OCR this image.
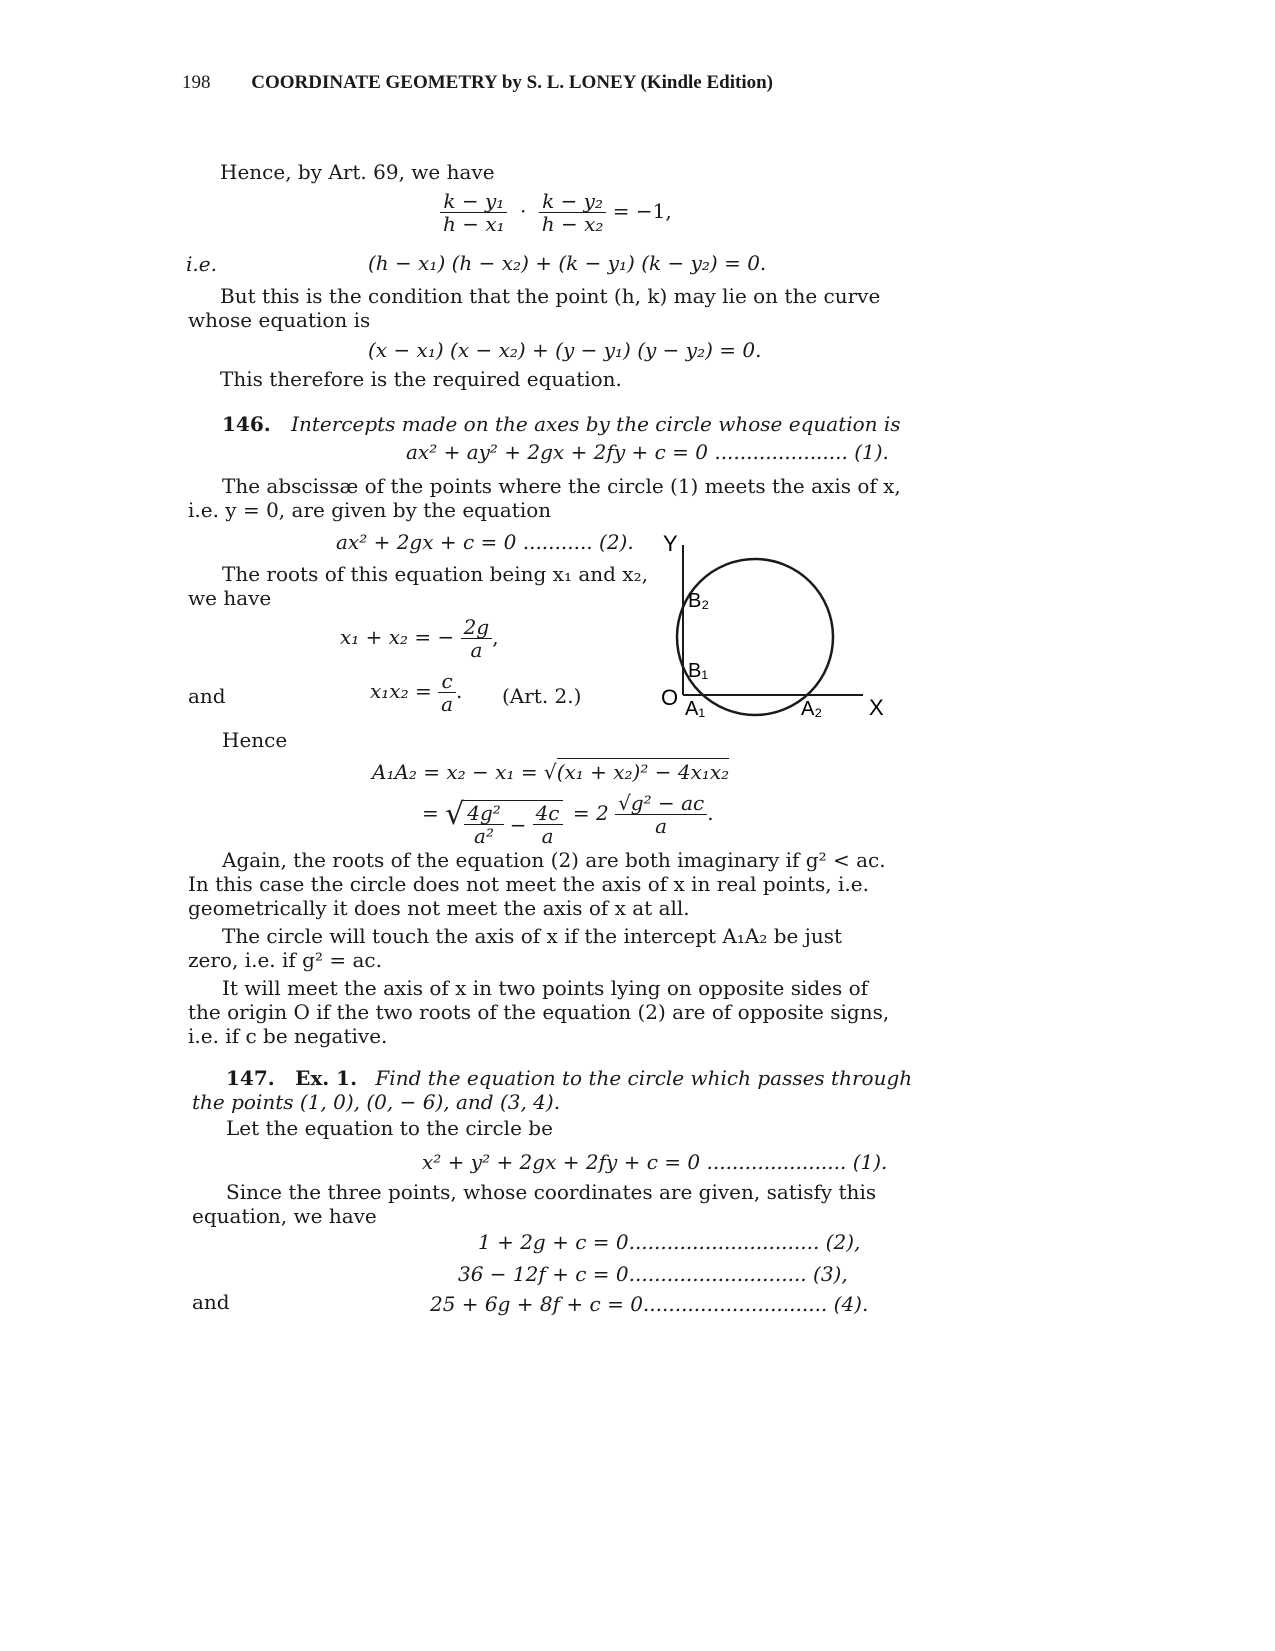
198 COORDINATE GEOMETRY by S. L. LONEY (Kindle Edition)
Hence, by Art. 69, we have
$\frac{\text{k − y₁}}{\text{h − x₁}} \cdot \frac{\text{k − y₂}}{\text{h − x₂}} = -1$,
i.e.	(h − x₁) (h − x₂) + (k − y₁) (k − y₂) = 0.
But this is the condition that the point (h, k) may lie on the curve
whose equation is
(x − x₁) (x − x₂) + (y − y₁) (y − y₂) = 0.
This therefore is the required equation.
146. Intercepts made on the axes by the circle whose equation is
ax² + ay² + 2gx + 2fy + c = 0 ..................... (1).
The abscissæ of the points where the circle (1) meets the axis of x,
i.e. y = 0, are given by the equation
ax² + 2gx + c = 0 ........... (2).
The roots of this equation being x₁ and x₂,
we have
x₁ + x₂ = − $\frac{2g}{a}$ ,
and	$x_1x_2 = \frac{c}{a}$ . (Art. 2.)
Y
O
B₂
B₁
A₁	A₂ X
Hence
A₁A₂ = x₂ − x₁ = √(x₁ + x₂)² − 4x₁x₂
= √ $\frac{\text{4g²}}{\text{a²}} - \frac{4c}{a} = 2 \frac{\text{√g² − ac}}{a}$ .
Again, the roots of the equation (2) are both imaginary if g² < ac.
In this case the circle does not meet the axis of x in real points, i.e.
geometrically it does not meet the axis of x at all.
The circle will touch the axis of x if the intercept A₁A₂ be just
zero, i.e. if g² = ac.
It will meet the axis of x in two points lying on opposite sides of
the origin O if the two roots of the equation (2) are of opposite signs,
i.e. if c be negative.
147. Ex. 1. Find the equation to the circle which passes through
the points (1, 0), (0, − 6), and (3, 4).
Let the equation to the circle be
x² + y² + 2gx + 2fy + c = 0 ...................... (1).
Since the three points, whose coordinates are given, satisfy this
equation, we have
1 + 2g + c = 0.............................. (2),
36 − 12f + c = 0............................ (3),
and	25 + 6g + 8f + c = 0............................. (4).
